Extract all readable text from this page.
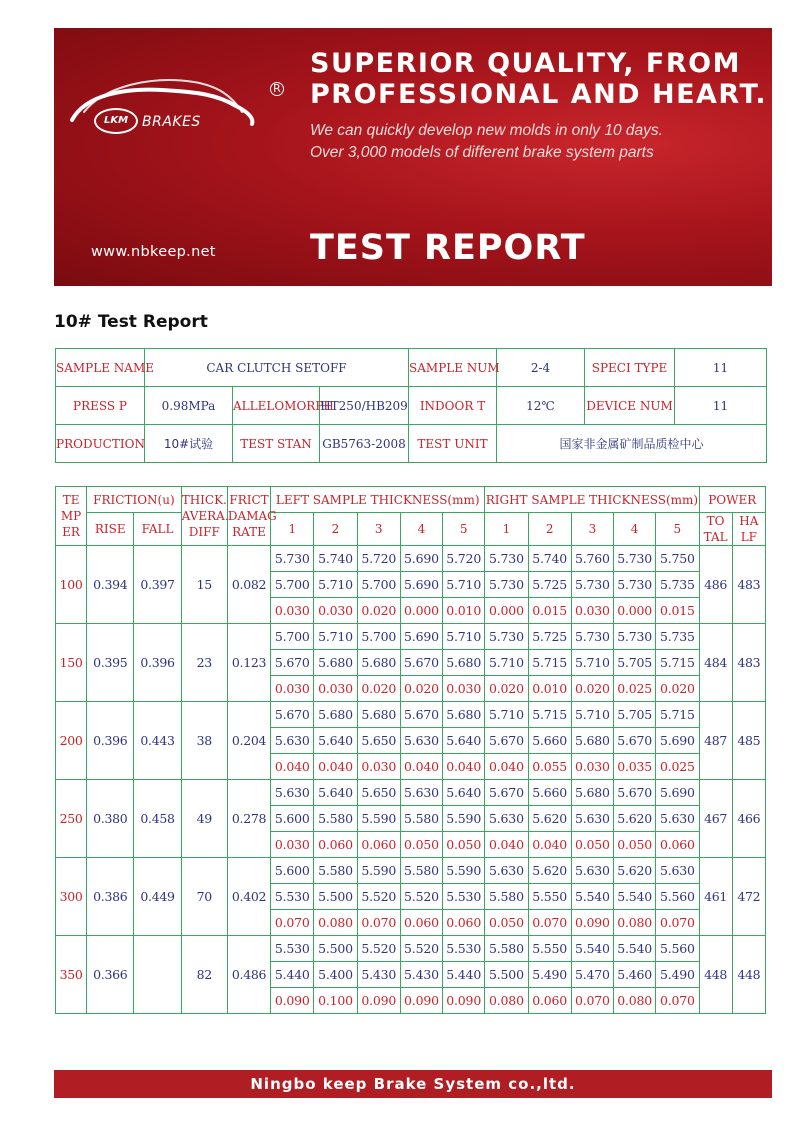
LKM BRAKES
R
SUPERIOR QUALITY, FROM
PROFESSIONAL AND HEART.
We can quickly develop new molds in only 10 days.
Over 3,000 models of different brake system parts
www.nbkeep.net	TEST REPORT
10# Test Report
SAMPLE NAME	CAR CLUTCH SETOFF			SAMPLE NUM	2-4	SPECI TYPE	11
PRESS P	0.98MPa	ALLELOMORPH	HT250/HB209	INDOOR T	12℃	DEVICE NUM	11
PRODUCTION	10#试验	TEST STAN	GB5763-2008	TEST UNIT	国家非金属矿制品质检中心		
TE MP ER	FRICTION(u)		THICK. AVERA. DIFF	FRICT DAMAG RATE	LEFT SAMPLE THICKNESS(mm)					RIGHT SAMPLE THICKNESS(mm)					POWER	
	RISE	FALL			1	2	3	4	5	1	2	3	4	5	TO TAL	HA LF
100	0.394	0.397	15	0.082	5.730	5.740	5.720	5.690	5.720	5.730	5.740	5.760	5.730	5.750	486	483
					5.700	5.710	5.700	5.690	5.710	5.730	5.725	5.730	5.730	5.735		
					0.030	0.030	0.020	0.000	0.010	0.000	0.015	0.030	0.000	0.015		
150	0.395	0.396	23	0.123	5.700	5.710	5.700	5.690	5.710	5.730	5.725	5.730	5.730	5.735	484	483
					5.670	5.680	5.680	5.670	5.680	5.710	5.715	5.710	5.705	5.715		
					0.030	0.030	0.020	0.020	0.030	0.020	0.010	0.020	0.025	0.020		
200	0.396	0.443	38	0.204	5.670	5.680	5.680	5.670	5.680	5.710	5.715	5.710	5.705	5.715	487	485
					5.630	5.640	5.650	5.630	5.640	5.670	5.660	5.680	5.670	5.690		
					0.040	0.040	0.030	0.040	0.040	0.040	0.055	0.030	0.035	0.025		
250	0.380	0.458	49	0.278	5.630	5.640	5.650	5.630	5.640	5.670	5.660	5.680	5.670	5.690	467	466
					5.600	5.580	5.590	5.580	5.590	5.630	5.620	5.630	5.620	5.630		
					0.030	0.060	0.060	0.050	0.050	0.040	0.040	0.050	0.050	0.060		
300	0.386	0.449	70	0.402	5.600	5.580	5.590	5.580	5.590	5.630	5.620	5.630	5.620	5.630	461	472
					5.530	5.500	5.520	5.520	5.530	5.580	5.550	5.540	5.540	5.560		
					0.070	0.080	0.070	0.060	0.060	0.050	0.070	0.090	0.080	0.070		
350	0.366		82	0.486	5.530	5.500	5.520	5.520	5.530	5.580	5.550	5.540	5.540	5.560	448	448
					5.440	5.400	5.430	5.430	5.440	5.500	5.490	5.470	5.460	5.490		
					0.090	0.100	0.090	0.090	0.090	0.080	0.060	0.070	0.080	0.070		
Ningbo keep Brake System co.,ltd.
